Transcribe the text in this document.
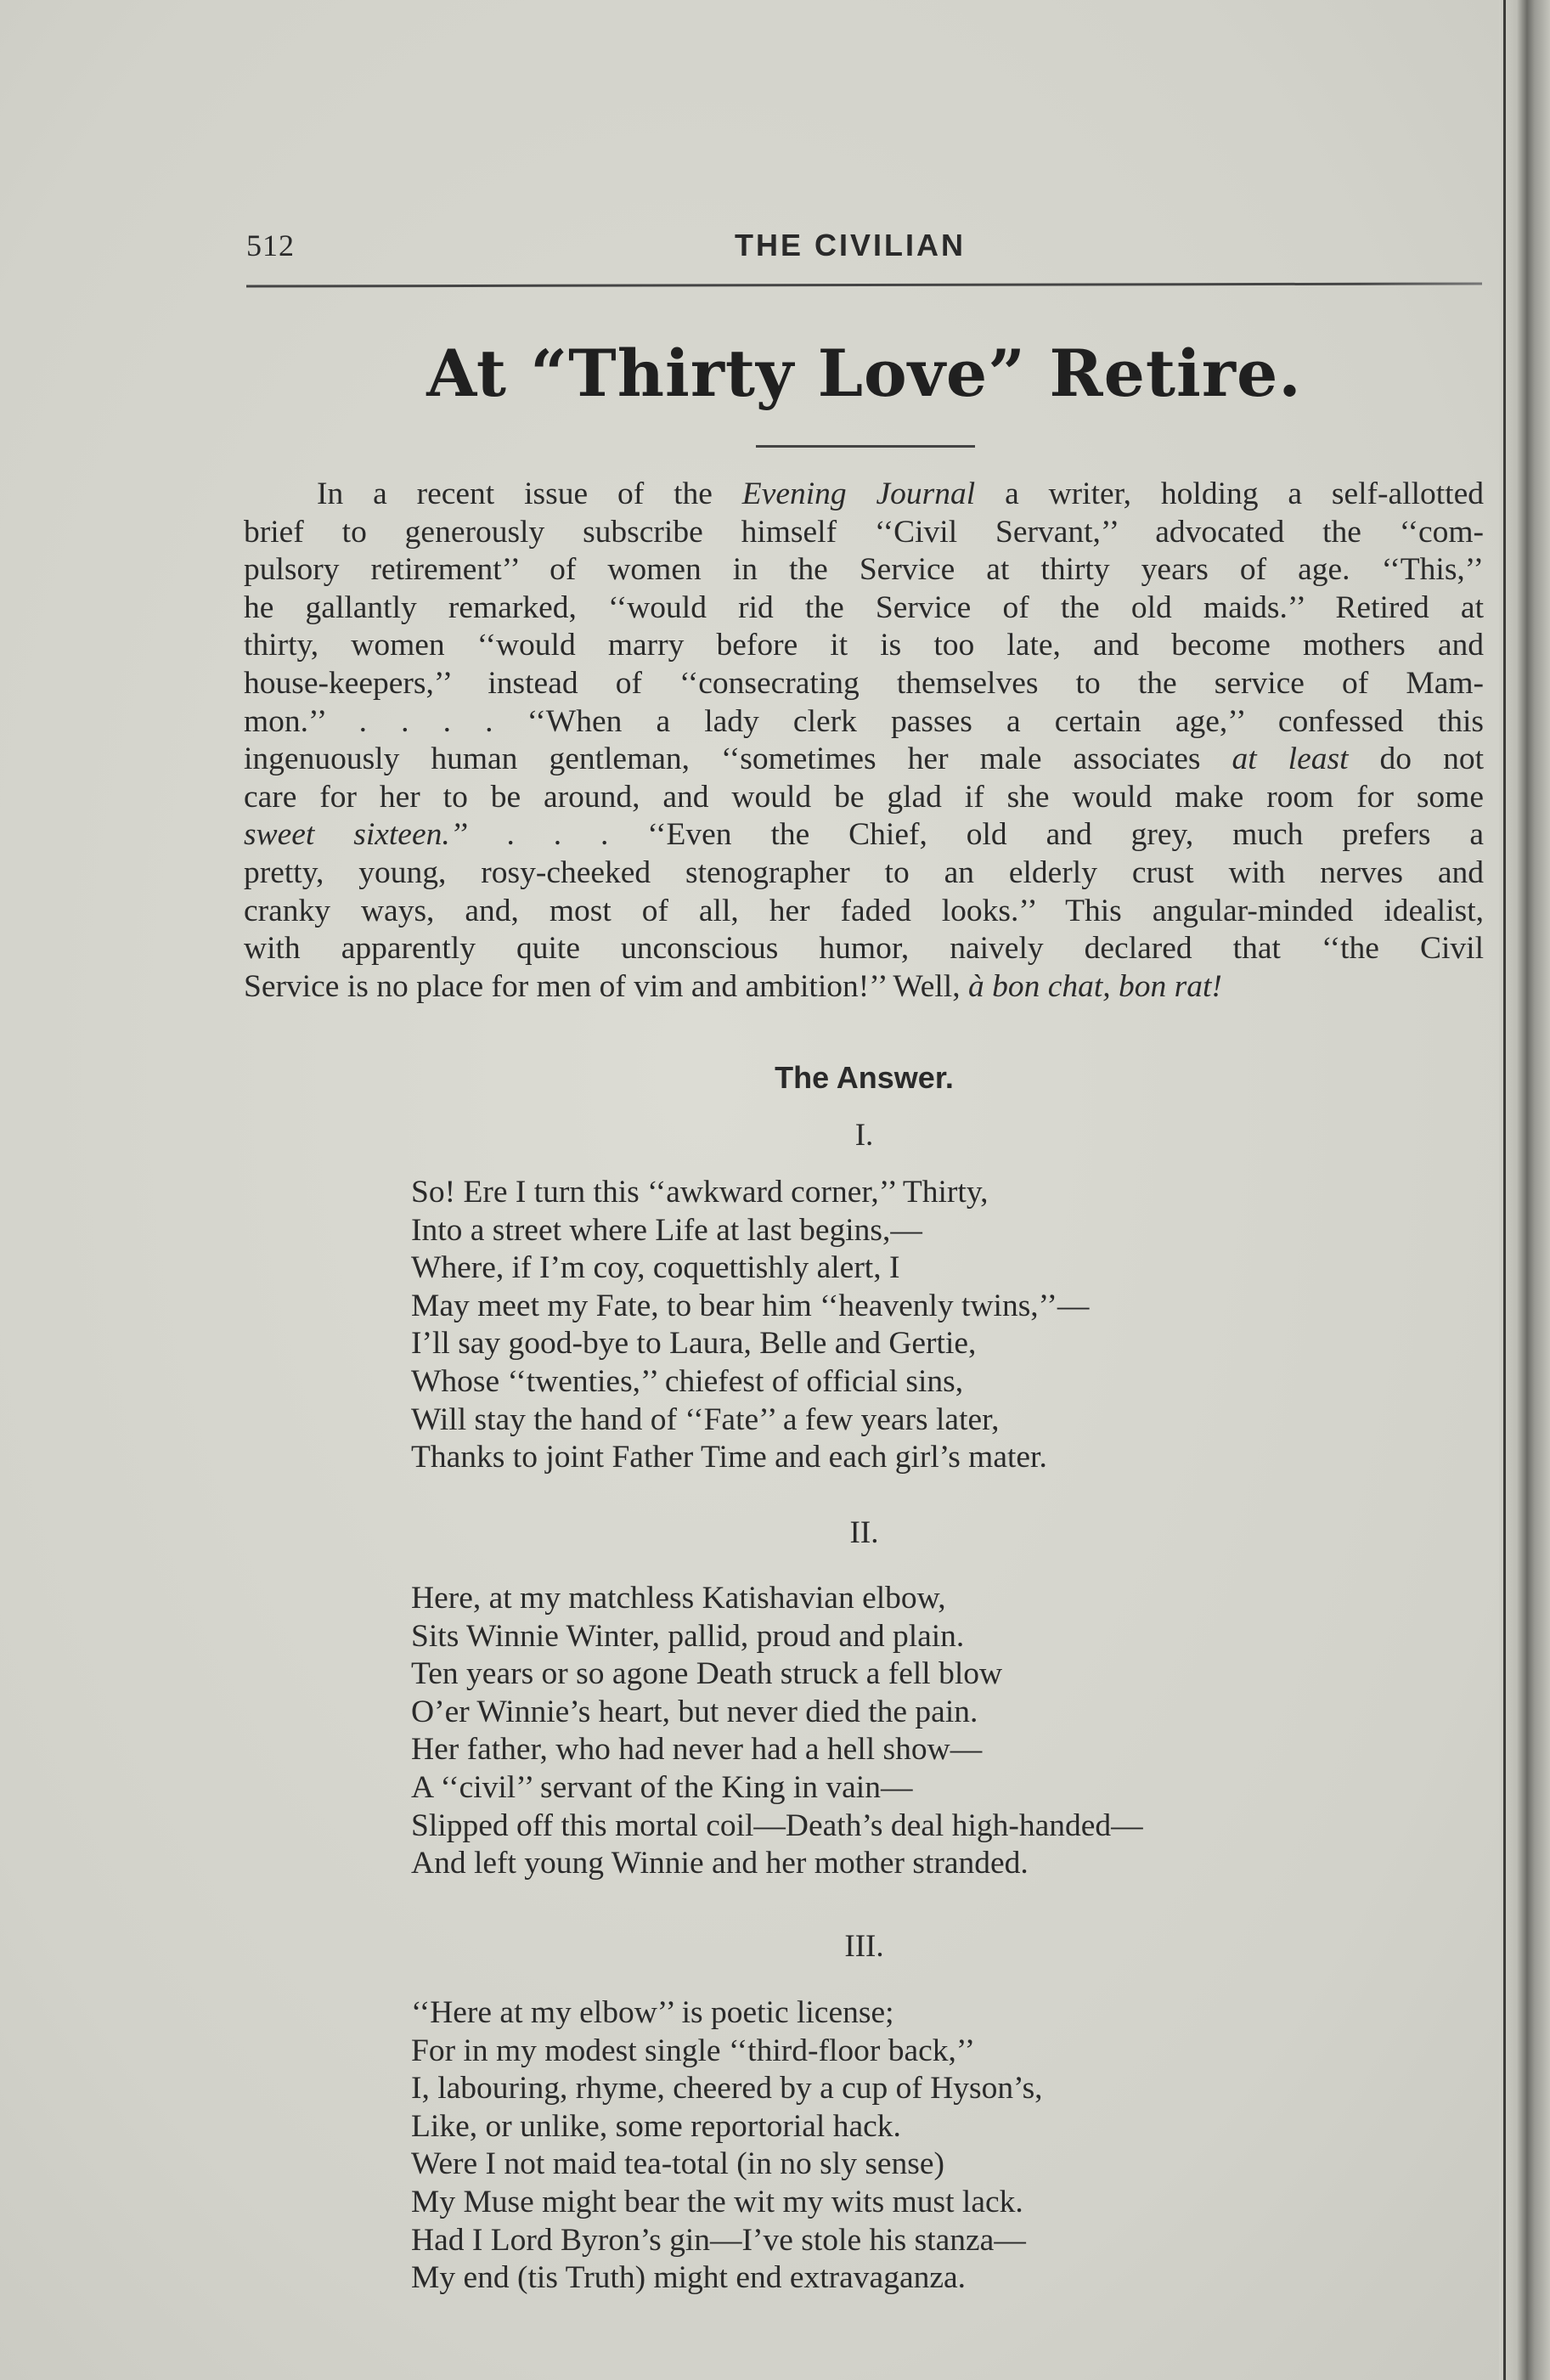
512	THE CIVILIAN
At “Thirty Love” Retire.
In a recent issue of the Evening Journal a writer, holding a self-allotted
brief to generously subscribe himself ‘‘Civil Servant,’’ advocated the ‘‘com-
pulsory retirement’’ of women in the Service at thirty years of age. ‘‘This,’’
he gallantly remarked, ‘‘would rid the Service of the old maids.’’ Retired at
thirty, women ‘‘would marry before it is too late, and become mothers and
house-keepers,’’ instead of ‘‘consecrating themselves to the service of Mam-
mon.’’ . . . . ‘‘When a lady clerk passes a certain age,’’ confessed this
ingenuously human gentleman, ‘‘sometimes her male associates at least do not
care for her to be around, and would be glad if she would make room for some
sweet sixteen.’’ . . . ‘‘Even the Chief, old and grey, much prefers a
pretty, young, rosy-cheeked stenographer to an elderly crust with nerves and
cranky ways, and, most of all, her faded looks.’’ This angular-minded idealist,
with apparently quite unconscious humor, naively declared that ‘‘the Civil
Service is no place for men of vim and ambition!’’ Well, à bon chat, bon rat!
The Answer.
I.
So! Ere I turn this ‘‘awkward corner,’’ Thirty,
Into a street where Life at last begins,—
Where, if I’m coy, coquettishly alert, I
May meet my Fate, to bear him ‘‘heavenly twins,’’—
I’ll say good-bye to Laura, Belle and Gertie,
Whose ‘‘twenties,’’ chiefest of official sins,
Will stay the hand of ‘‘Fate’’ a few years later,
Thanks to joint Father Time and each girl’s mater.
II.
Here, at my matchless Katishavian elbow,
Sits Winnie Winter, pallid, proud and plain.
Ten years or so agone Death struck a fell blow
O’er Winnie’s heart, but never died the pain.
Her father, who had never had a hell show—
A ‘‘civil’’ servant of the King in vain—
Slipped off this mortal coil—Death’s deal high-handed—
And left young Winnie and her mother stranded.
III.
‘‘Here at my elbow’’ is poetic license;
For in my modest single ‘‘third-floor back,’’
I, labouring, rhyme, cheered by a cup of Hyson’s,
Like, or unlike, some reportorial hack.
Were I not maid tea-total (in no sly sense)
My Muse might bear the wit my wits must lack.
Had I Lord Byron’s gin—I’ve stole his stanza—
My end (tis Truth) might end extravaganza.
